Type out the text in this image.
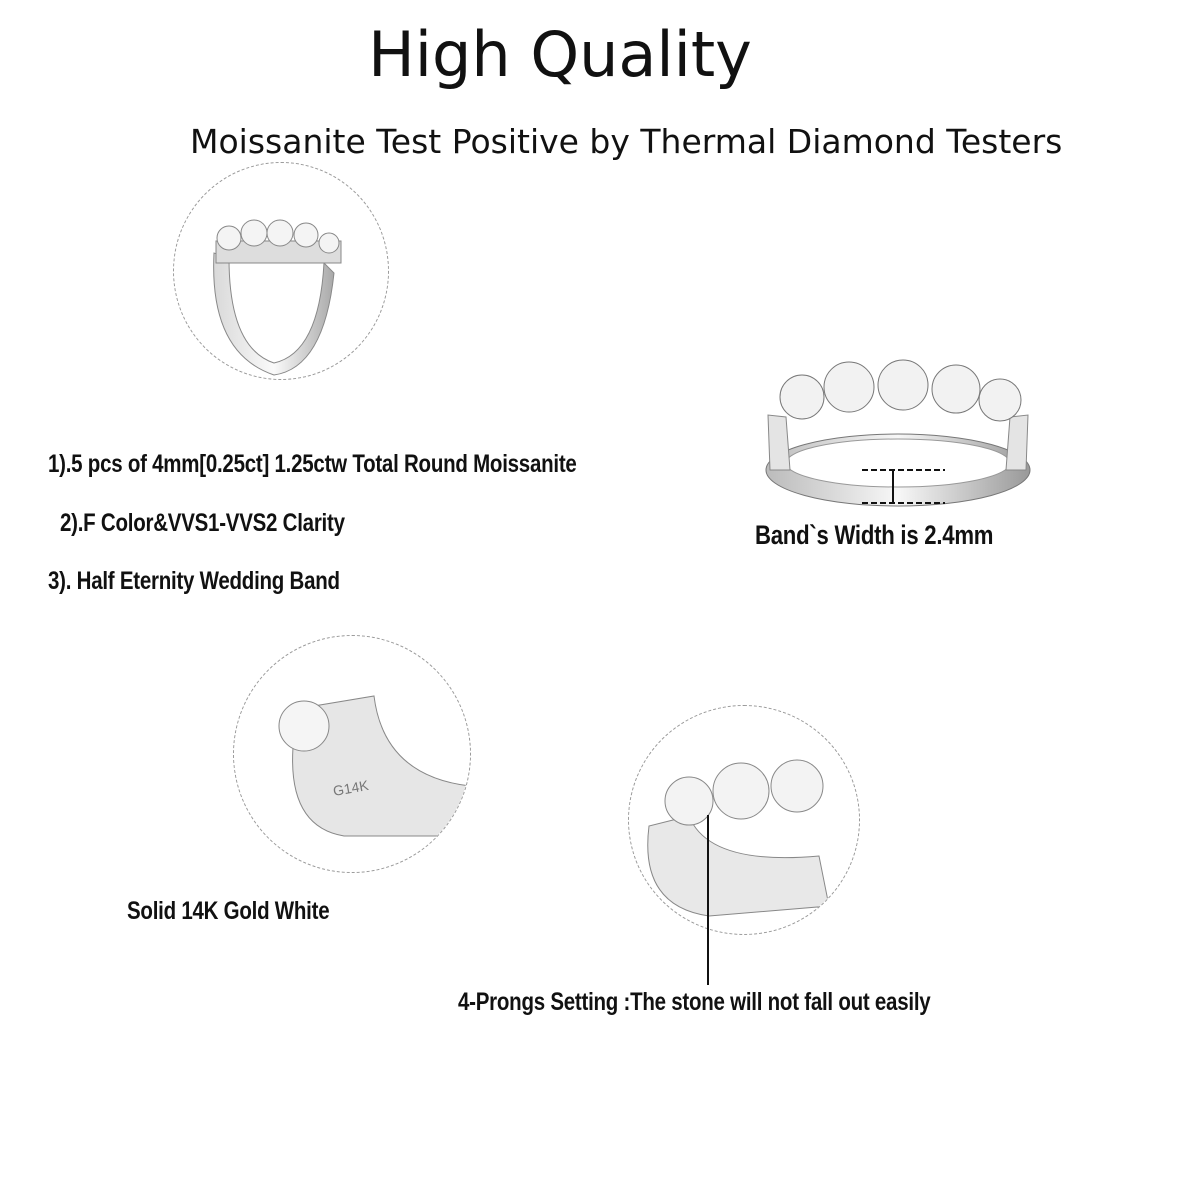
High Quality
Moissanite Test Positive by Thermal Diamond Testers
1).5 pcs of 4mm[0.25ct] 1.25ctw Total Round Moissanite
2).F Color&VVS1-VVS2 Clarity
3). Half Eternity Wedding Band
Band`s Width is 2.4mm
G14K
Solid 14K Gold White
4-Prongs Setting :The stone will not fall out easily
